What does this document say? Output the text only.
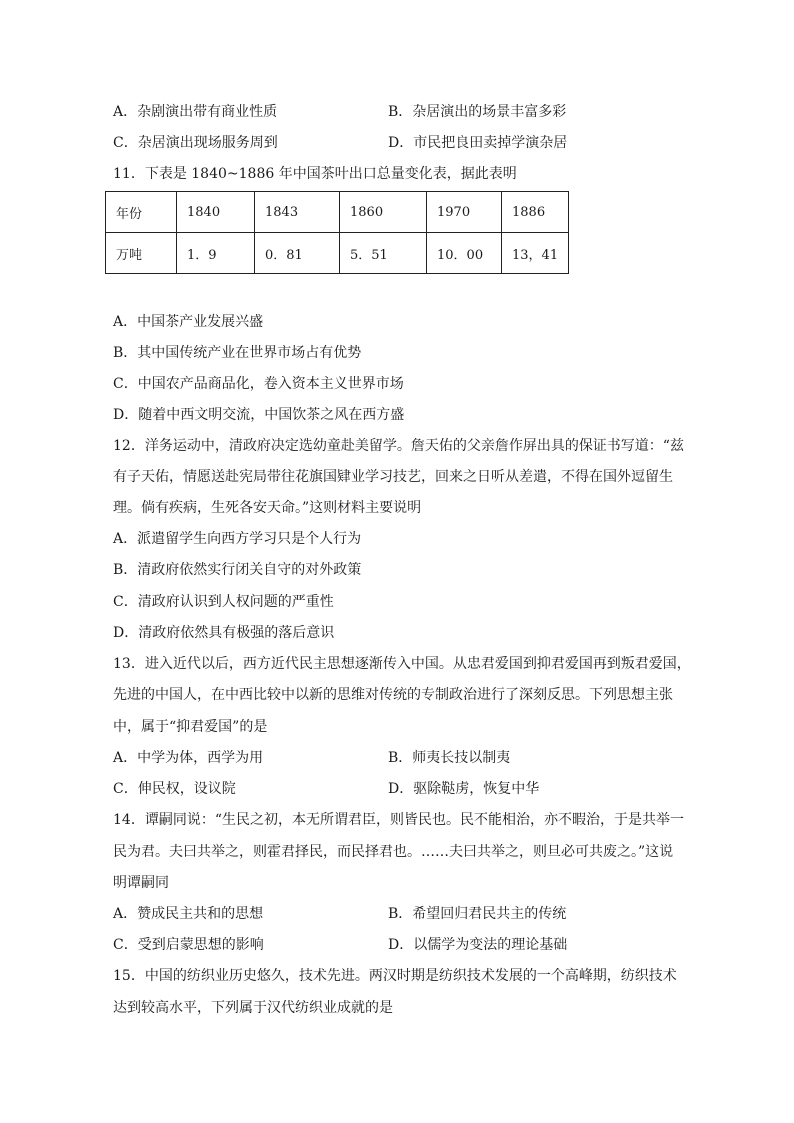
A．杂剧演出带有商业性质	B．杂居演出的场景丰富多彩
C．杂居演出现场服务周到	D．市民把良田卖掉学演杂居
11．下表是 1840~1886 年中国茶叶出口总量变化表，据此表明
年份	1840	1843	1860	1970	1886
万吨	1．9	0．81	5．51	10．00	13，41
A．中国茶产业发展兴盛
B．其中国传统产业在世界市场占有优势
C．中国农产品商品化，卷入资本主义世界市场
D．随着中西文明交流，中国饮茶之风在西方盛
12．洋务运动中，清政府决定选幼童赴美留学。詹天佑的父亲詹作屏出具的保证书写道：“兹
有子天佑，情愿送赴宪局带往花旗国肄业学习技艺，回来之日听从差遣，不得在国外逗留生
理。倘有疾病，生死各安天命。”这则材料主要说明
A．派遣留学生向西方学习只是个人行为
B．清政府依然实行闭关自守的对外政策
C．清政府认识到人权问题的严重性
D．清政府依然具有极强的落后意识
13．进入近代以后，西方近代民主思想逐渐传入中国。从忠君爱国到抑君爱国再到叛君爱国，
先进的中国人，在中西比较中以新的思维对传统的专制政治进行了深刻反思。下列思想主张
中，属于“抑君爱国”的是
A．中学为体，西学为用	B．师夷长技以制夷
C．伸民权，设议院	D．驱除鞑虏，恢复中华
14．谭嗣同说：“生民之初，本无所谓君臣，则皆民也。民不能相治，亦不暇治，于是共举一
民为君。夫曰共举之，则霍君择民，而民择君也。……夫曰共举之，则旦必可共废之。”这说
明谭嗣同
A．赞成民主共和的思想	B．希望回归君民共主的传统
C．受到启蒙思想的影响	D．以儒学为变法的理论基础
15．中国的纺织业历史悠久，技术先进。两汉时期是纺织技术发展的一个高峰期，纺织技术
达到较高水平，下列属于汉代纺织业成就的是
